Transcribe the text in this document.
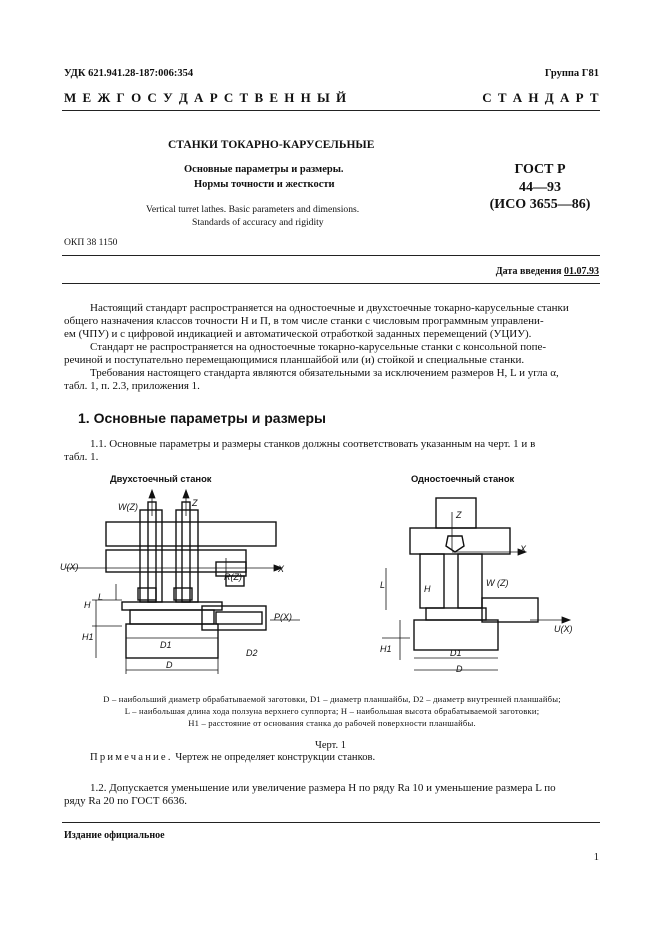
УДК 621.941.28-187:006:354	Группа Г81
М Е Ж Г О С У Д А Р С Т В Е Н Н Ы Й	С Т А Н Д А Р Т
СТАНКИ ТОКАРНО-КАРУСЕЛЬНЫЕ
Основные параметры и размеры.
Нормы точности и жесткости
Vertical turret lathes. Basic parameters and dimensions.
Standards of accuracy and rigidity
ГОСТ Р
44—93
(ИСО 3655—86)
ОКП 38 1150
Дата введения 01.07.93
Настоящий стандарт распространяется на одностоечные и двухстоечные токарно-карусельные станки
общего назначения классов точности Н и П, в том числе станки с числовым программным управлени-
ем (ЧПУ) и с цифровой индикацией и автоматической отработкой заданных перемещений (УЦИУ).
Стандарт не распространяется на одностоечные токарно-карусельные станки с консольной попе-
речиной и поступательно перемещающимися планшайбой или (и) стойкой и специальные станки.
Требования настоящего стандарта являются обязательными за исключением размеров H, L и угла α,
табл. 1, п. 2.3, приложения 1.
1. Основные параметры и размеры
1.1. Основные параметры и размеры станков должны соответствовать указанным на черт. 1 и в
табл. 1.
Двухстоечный станок	Одностоечный станок
W(Z)	Z
U(X)	X
R(Z)
P(X)
H
L
H1
D1
D
D2
Z
X
L	H
W (Z)
H1	D1
D
U(X)
D – наибольший диаметр обрабатываемой заготовки, D1 – диаметр планшайбы, D2 – диаметр внутренней планшайбы;
L – наибольшая длина хода ползуна верхнего суппорта; H – наибольшая высота обрабатываемой заготовки;
H1 – расстояние от основания станка до рабочей поверхности планшайбы.
Черт. 1
Примечание. Чертеж не определяет конструкции станков.
1.2. Допускается уменьшение или увеличение размера H по ряду Ra 10 и уменьшение размера L по
ряду Ra 20 по ГОСТ 6636.
Издание официальное
1
